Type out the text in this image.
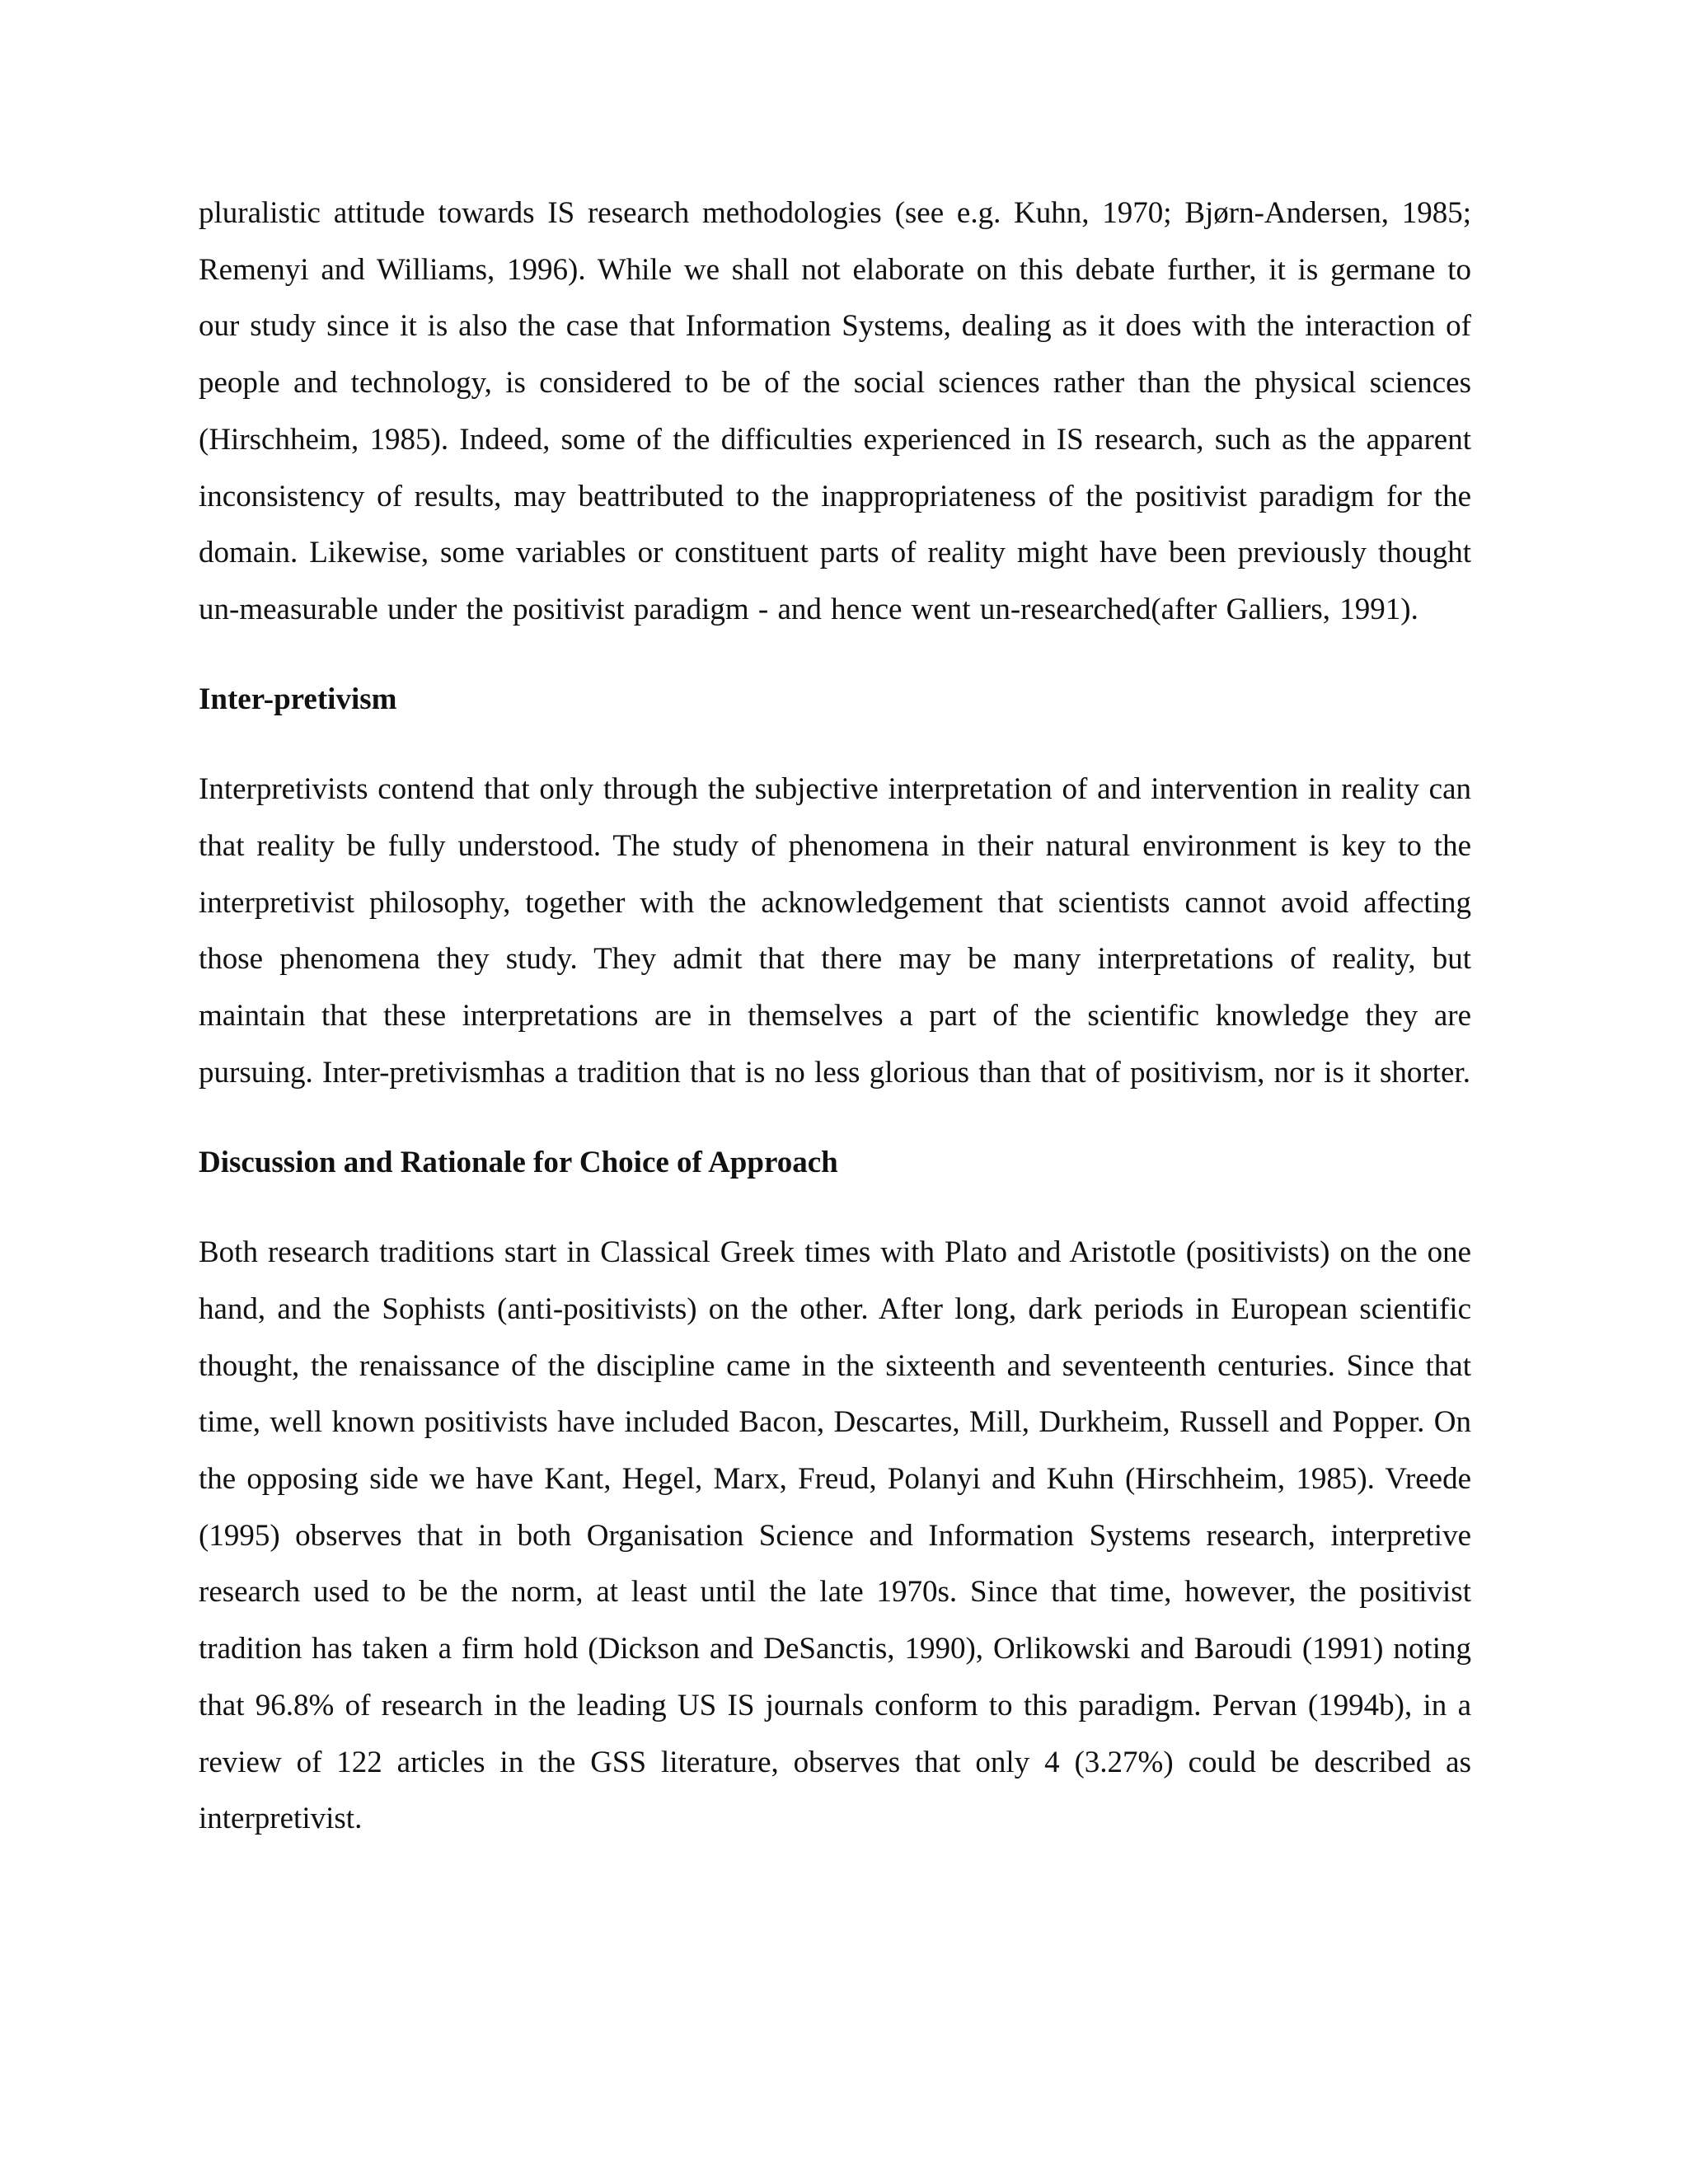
pluralistic attitude towards IS research methodologies (see e.g. Kuhn, 1970; Bjørn-Andersen, 1985; Remenyi and Williams, 1996). While we shall not elaborate on this debate further, it is germane to our study since it is also the case that Information Systems, dealing as it does with the interaction of people and technology, is considered to be of the social sciences rather than the physical sciences (Hirschheim, 1985). Indeed, some of the difficulties experienced in IS research, such as the apparent inconsistency of results, may beattributed to the inappropriateness of the positivist paradigm for the domain. Likewise, some variables or constituent parts of reality might have been previously thought un-measurable under the positivist paradigm - and hence went un-researched(after Galliers, 1991).

Inter-pretivism

Interpretivists contend that only through the subjective interpretation of and intervention in reality can that reality be fully understood. The study of phenomena in their natural environment is key to the interpretivist philosophy, together with the acknowledgement that scientists cannot avoid affecting those phenomena they study. They admit that there may be many interpretations of reality, but maintain that these interpretations are in themselves a part of the scientific knowledge they are pursuing. Inter-pretivismhas a tradition that is no less glorious than that of positivism, nor is it shorter.

Discussion and Rationale for Choice of Approach

Both research traditions start in Classical Greek times with Plato and Aristotle (positivists) on the one hand, and the Sophists (anti-positivists) on the other. After long, dark periods in European scientific thought, the renaissance of the discipline came in the sixteenth and seventeenth centuries. Since that time, well known positivists have included Bacon, Descartes, Mill, Durkheim, Russell and Popper. On the opposing side we have Kant, Hegel, Marx, Freud, Polanyi and Kuhn (Hirschheim, 1985). Vreede (1995) observes that in both Organisation Science and Information Systems research, interpretive research used to be the norm, at least until the late 1970s. Since that time, however, the positivist tradition has taken a firm hold (Dickson and DeSanctis, 1990), Orlikowski and Baroudi (1991) noting that 96.8% of research in the leading US IS journals conform to this paradigm. Pervan (1994b), in a review of 122 articles in the GSS literature, observes that only 4 (3.27%) could be described as interpretivist.
